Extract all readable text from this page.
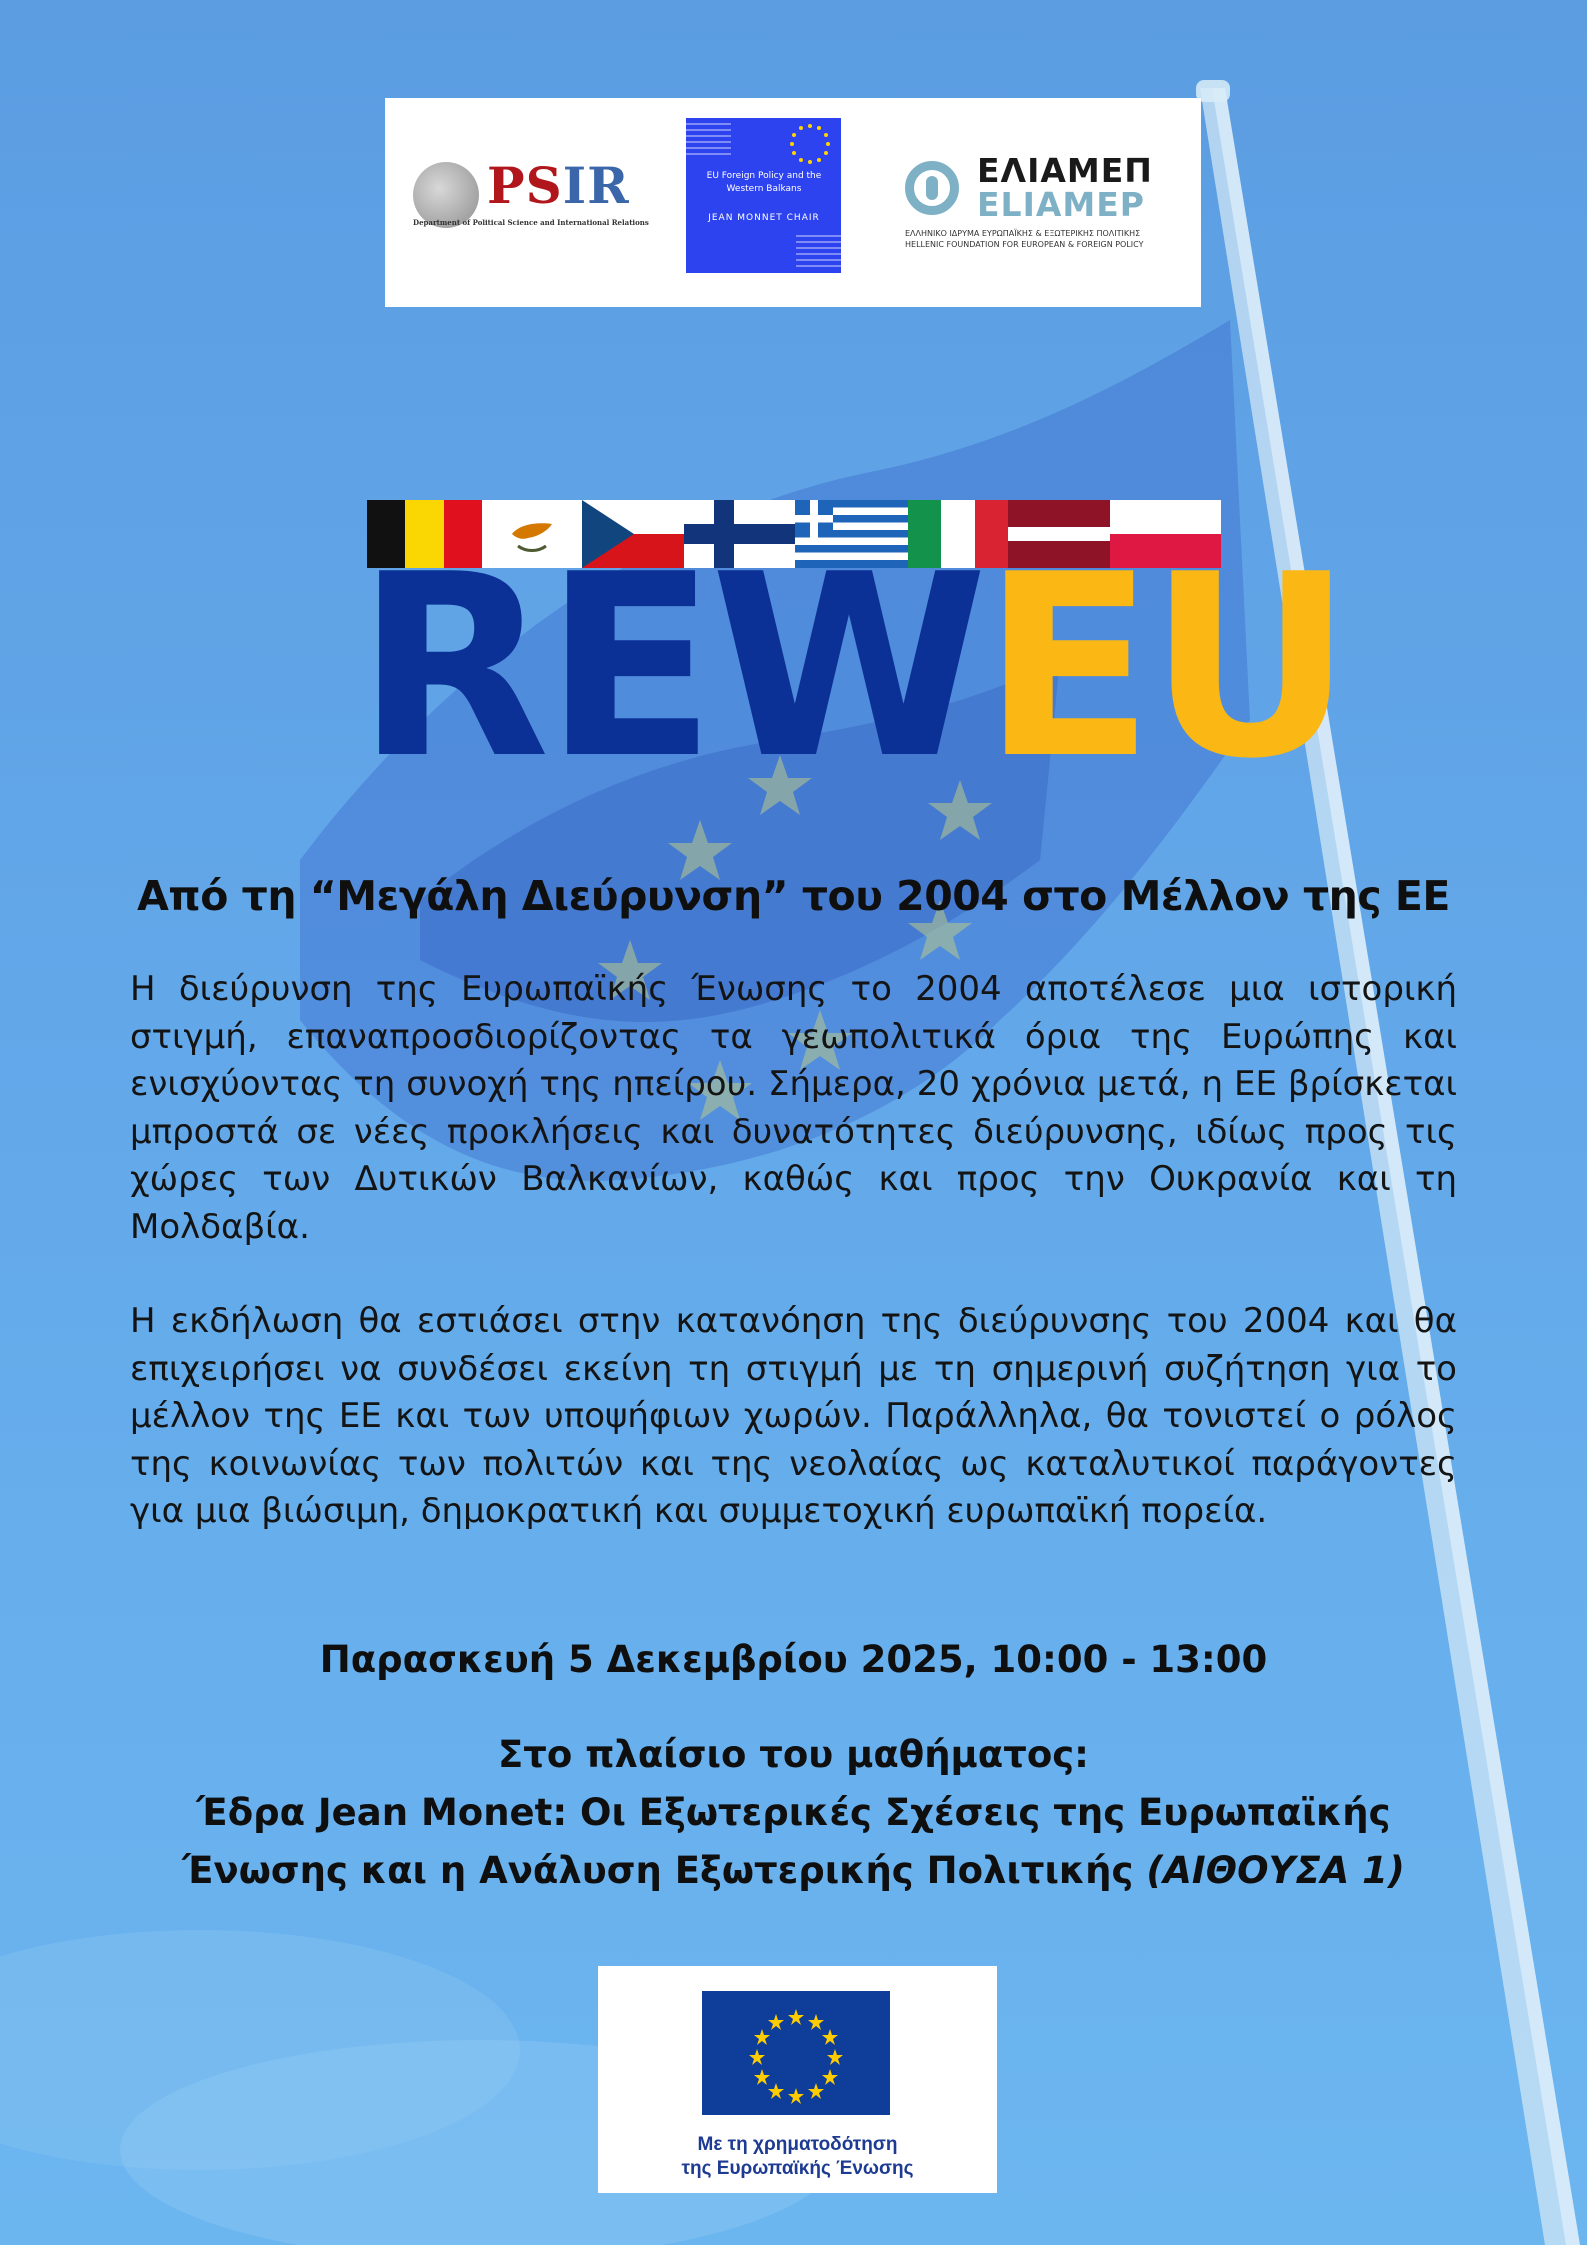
PSIR
Department of Political Science and International Relations
EU Foreign Policy and the Western Balkans
JEAN MONNET CHAIR
ΕΛΙΑΜΕΠ
ELIAMEP
ΕΛΛΗΝΙΚΟ ΙΔΡΥΜΑ ΕΥΡΩΠΑΪΚΗΣ & ΕΞΩΤΕΡΙΚΗΣ ΠΟΛΙΤΙΚΗΣ
HELLENIC FOUNDATION FOR EUROPEAN & FOREIGN POLICY
REWEU
Από τη “Μεγάλη Διεύρυνση” του 2004 στο Μέλλον της ΕΕ

Η διεύρυνση της Ευρωπαϊκής Ένωσης το 2004 αποτέλεσε μια ιστορική στιγμή, επαναπροσδιορίζοντας τα γεωπολιτικά όρια της Ευρώπης και ενισχύοντας τη συνοχή της ηπείρου. Σήμερα, 20 χρόνια μετά, η ΕΕ βρίσκεται μπροστά σε νέες προκλήσεις και δυνατότητες διεύρυνσης, ιδίως προς τις χώρες των Δυτικών Βαλκανίων, καθώς και προς την Ουκρανία και τη Μολδαβία.

Η εκδήλωση θα εστιάσει στην κατανόηση της διεύρυνσης του 2004 και θα επιχειρήσει να συνδέσει εκείνη τη στιγμή με τη σημερινή συζήτηση για το μέλλον της ΕΕ και των υποψήφιων χωρών. Παράλληλα, θα τονιστεί ο ρόλος της κοινωνίας των πολιτών και της νεολαίας ως καταλυτικοί παράγοντες για μια βιώσιμη, δημοκρατική και συμμετοχική ευρωπαϊκή πορεία.

Παρασκευή 5 Δεκεμβρίου 2025, 10:00 - 13:00
Στο πλαίσιο του μαθήματος:
Έδρα Jean Monet: Οι Εξωτερικές Σχέσεις της Ευρωπαϊκής
Ένωσης και η Ανάλυση Εξωτερικής Πολιτικής (ΑΙΘΟΥΣΑ 1)
Με τη χρηματοδότηση
της Ευρωπαϊκής Ένωσης
